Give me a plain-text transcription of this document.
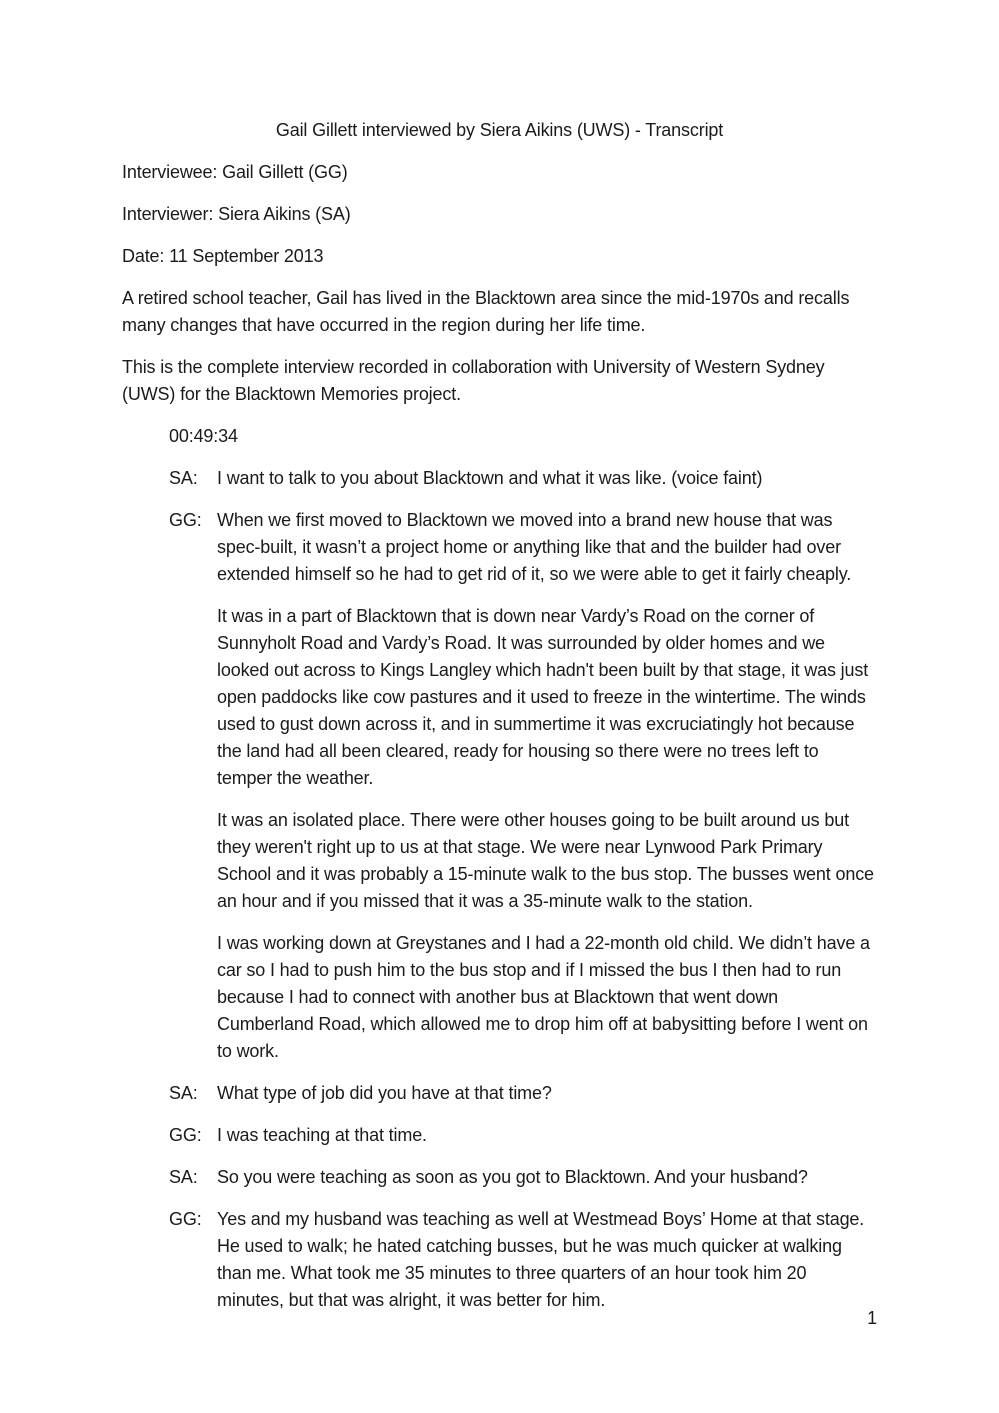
Gail Gillett interviewed by Siera Aikins (UWS) - Transcript

Interviewee: Gail Gillett (GG)

Interviewer: Siera Aikins (SA)

Date: 11 September 2013

A retired school teacher, Gail has lived in the Blacktown area since the mid-1970s and recalls many changes that have occurred in the region during her life time.

This is the complete interview recorded in collaboration with University of Western Sydney (UWS) for the Blacktown Memories project.

00:49:34

SA:	I want to talk to you about Blacktown and what it was like. (voice faint)
GG: When we first moved to Blacktown we moved into a brand new house that was spec-built, it wasn’t a project home or anything like that and the builder had over extended himself so he had to get rid of it, so we were able to get it fairly cheaply.
It was in a part of Blacktown that is down near Vardy’s Road on the corner of Sunnyholt Road and Vardy’s Road. It was surrounded by older homes and we looked out across to Kings Langley which hadn't been built by that stage, it was just open paddocks like cow pastures and it used to freeze in the wintertime. The winds used to gust down across it, and in summertime it was excruciatingly hot because the land had all been cleared, ready for housing so there were no trees left to temper the weather.
It was an isolated place. There were other houses going to be built around us but they weren't right up to us at that stage. We were near Lynwood Park Primary School and it was probably a 15-minute walk to the bus stop. The busses went once an hour and if you missed that it was a 35-minute walk to the station.
I was working down at Greystanes and I had a 22-month old child. We didn’t have a car so I had to push him to the bus stop and if I missed the bus I then had to run because I had to connect with another bus at Blacktown that went down Cumberland Road, which allowed me to drop him off at babysitting before I went on to work.
SA:	What type of job did you have at that time?
GG: I was teaching at that time.
SA:	So you were teaching as soon as you got to Blacktown. And your husband?
GG: Yes and my husband was teaching as well at Westmead Boys’ Home at that stage. He used to walk; he hated catching busses, but he was much quicker at walking than me. What took me 35 minutes to three quarters of an hour took him 20 minutes, but that was alright, it was better for him.
1
